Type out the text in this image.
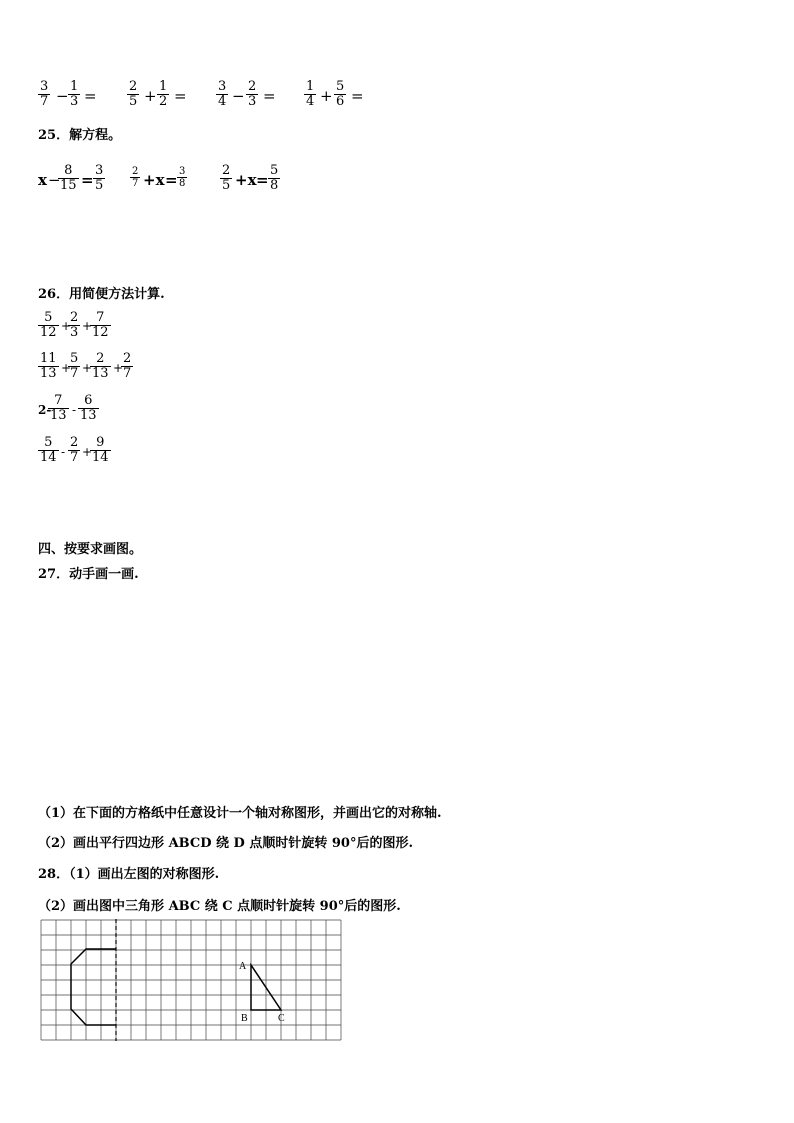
$\frac{3}{7} - \frac{1}{3} = \frac{2}{5} + \frac{1}{2} = \frac{3}{4} - \frac{2}{3} = \frac{1}{4} + \frac{5}{6}$ =
25．解方程。
x −
$\frac{8}{15} = \frac{3}{5} \frac{2}{7} +x = \frac{3}{8}$	$\frac{2}{5} +x = \frac{5}{8}$
26．用简便方法计算.
$\frac{5}{12}$ +
$\frac{2}{3}$ +
$\frac{7}{12}$
$\frac{11}{13}$ +
$\frac{5}{7}$ +
$\frac{2}{13}$ +
$\frac{2}{7}$
2-
$\frac{7}{13} - \frac{6}{13}$
$\frac{5}{14} - \frac{2}{7}$ +
$\frac{9}{14}$
四、按要求画图。
27．动手画一画.
（1）在下面的方格纸中任意设计一个轴对称图形，并画出它的对称轴.
（2）画出平行四边形 ABCD 绕 D 点顺时针旋转 90°后的图形.
28．（1）画出左图的对称图形.
（2）画出图中三角形 ABC 绕 C 点顺时针旋转 90°后的图形.
A
B	C
